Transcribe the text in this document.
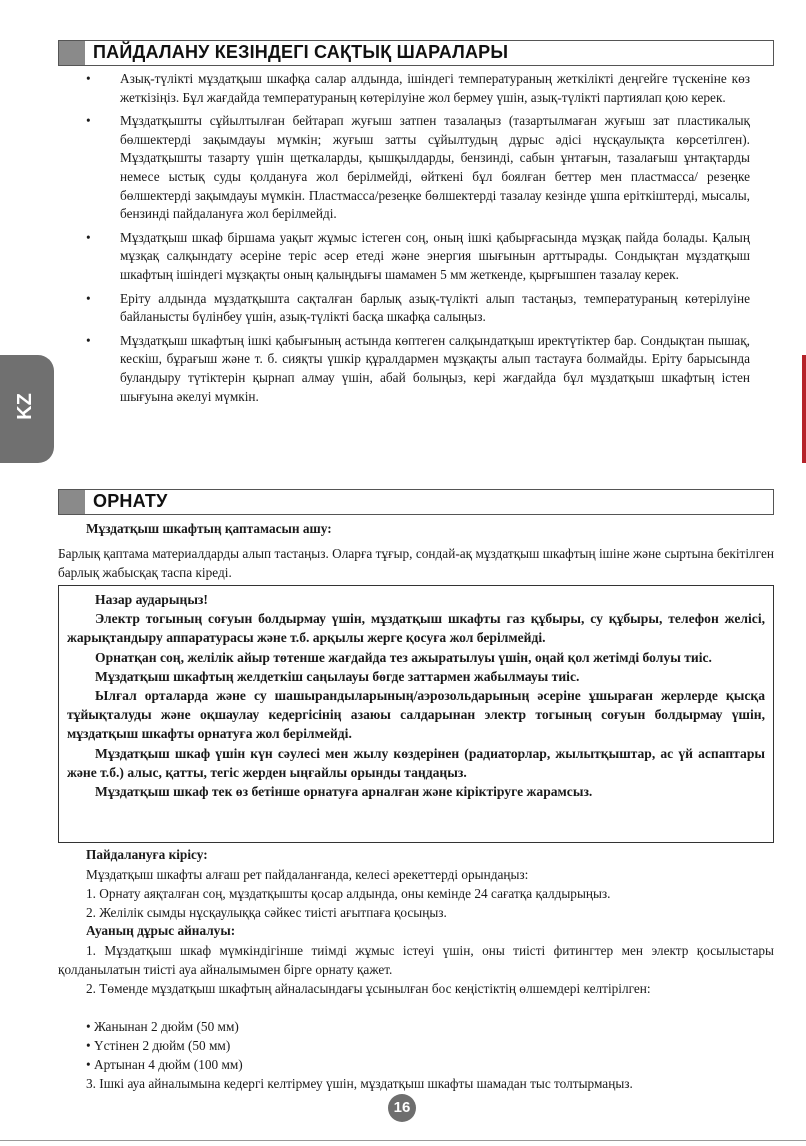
ПАЙДАЛАНУ КЕЗІНДЕГІ САҚТЫҚ ШАРАЛАРЫ
• Азық-түлікті мұздатқыш шкафқа салар алдында, ішіндегі температураның жеткілікті деңгейге түскеніне көз жеткізіңіз. Бұл жағдайда температураның көтерілуіне жол бермеу үшін, азық-түлікті партиялап қою керек.
• Мұздатқышты сұйылтылған бейтарап жуғыш затпен тазалаңыз (тазартылмаған жуғыш зат пластикалық бөлшектерді зақымдауы мүмкін; жуғыш затты сұйылтудың дұрыс әдісі нұсқаулықта көрсетілген). Мұздатқышты тазарту үшін щеткаларды, қышқылдарды, бензинді, сабын ұнтағын, тазалағыш ұнтақтарды немесе ыстық суды қолдануға жол берілмейді, өйткені бұл боялған беттер мен пластмасса/ резеңке бөлшектерді зақымдауы мүмкін. Пластмасса/резеңке бөлшектерді тазалау кезінде ұшпа еріткіштерді, мысалы, бензинді пайдалануға жол берілмейді.
• Мұздатқыш шкаф біршама уақыт жұмыс істеген соң, оның ішкі қабырғасында мұзқақ пайда болады. Қалың мұзқақ салқындату әсеріне теріс әсер етеді және энергия шығынын арттырады. Сондықтан мұздатқыш шкафтың ішіндегі мұзқақты оның қалыңдығы шамамен 5 мм жеткенде, қырғышпен тазалау керек.
• Еріту алдында мұздатқышта сақталған барлық азық-түлікті алып тастаңыз, температураның көтерілуіне байланысты бүлінбеу үшін, азық-түлікті басқа шкафқа салыңыз.
• Мұздатқыш шкафтың ішкі қабығының астында көптеген салқындатқыш иректүтіктер бар. Сондықтан пышақ, кескіш, бұрағыш және т. б. сияқты үшкір құралдармен мұзқақты алып тастауға болмайды. Еріту барысында буландыру түтіктерін қырнап алмау үшін, абай болыңыз, кері жағдайда бұл мұздатқыш шкафтың істен шығуына әкелуі мүмкін.
ОРНАТУ
Мұздатқыш шкафтың қаптамасын ашу:
Барлық қаптама материалдарды алып тастаңыз. Оларға тұғыр, сондай-ақ мұздатқыш шкафтың ішіне және сыртына бекітілген барлық жабысқақ таспа кіреді.

Назар аударыңыз!

Электр тогының соғуын болдырмау үшін, мұздатқыш шкафты газ құбыры, су құбыры, телефон желісі, жарықтандыру аппаратурасы және т.б. арқылы жерге қосуға жол берілмейді.

Орнатқан соң, желілік айыр төтенше жағдайда тез ажыратылуы үшін, оңай қол жетімді болуы тиіс.

Мұздатқыш шкафтың желдеткіш саңылауы бөгде заттармен жабылмауы тиіс.

Ылғал орталарда және су шашырандыларының/аэрозольдарының әсеріне ұшыраған жерлерде қысқа тұйықталуды және оқшаулау кедергісінің азаюы салдарынан электр тогының соғуын болдырмау үшін, мұздатқыш шкафты орнатуға жол берілмейді.

Мұздатқыш шкаф үшін күн сәулесі мен жылу көздерінен (радиаторлар, жылытқыштар, ас үй аспаптары және т.б.) алыс, қатты, тегіс жерден ыңғайлы орынды таңдаңыз.

Мұздатқыш шкаф тек өз бетінше орнатуға арналған және кіріктіруге жарамсыз.

Пайдалануға кірісу:
Мұздатқыш шкафты алғаш рет пайдаланғанда, келесі әрекеттерді орындаңыз:
1. Орнату аяқталған соң, мұздатқышты қосар алдында, оны кемінде 24 сағатқа қалдырыңыз.
2. Желілік сымды нұсқаулыққа сәйкес тиісті ағытпаға қосыңыз.
Ауаның дұрыс айналуы:
1. Мұздатқыш шкаф мүмкіндігінше тиімді жұмыс істеуі үшін, оны тиісті фитингтер мен электр қосылыстары қолданылатын тиісті ауа айналымымен бірге орнату қажет.
2. Төменде мұздатқыш шкафтың айналасындағы ұсынылған бос кеңістіктің өлшемдері келтірілген:
• Жанынан 2 дюйм (50 мм)
• Үстінен 2 дюйм (50 мм)
• Артынан 4 дюйм (100 мм)
3. Ішкі ауа айналымына кедергі келтірмеу үшін, мұздатқыш шкафты шамадан тыс толтырмаңыз.
KZ
16
